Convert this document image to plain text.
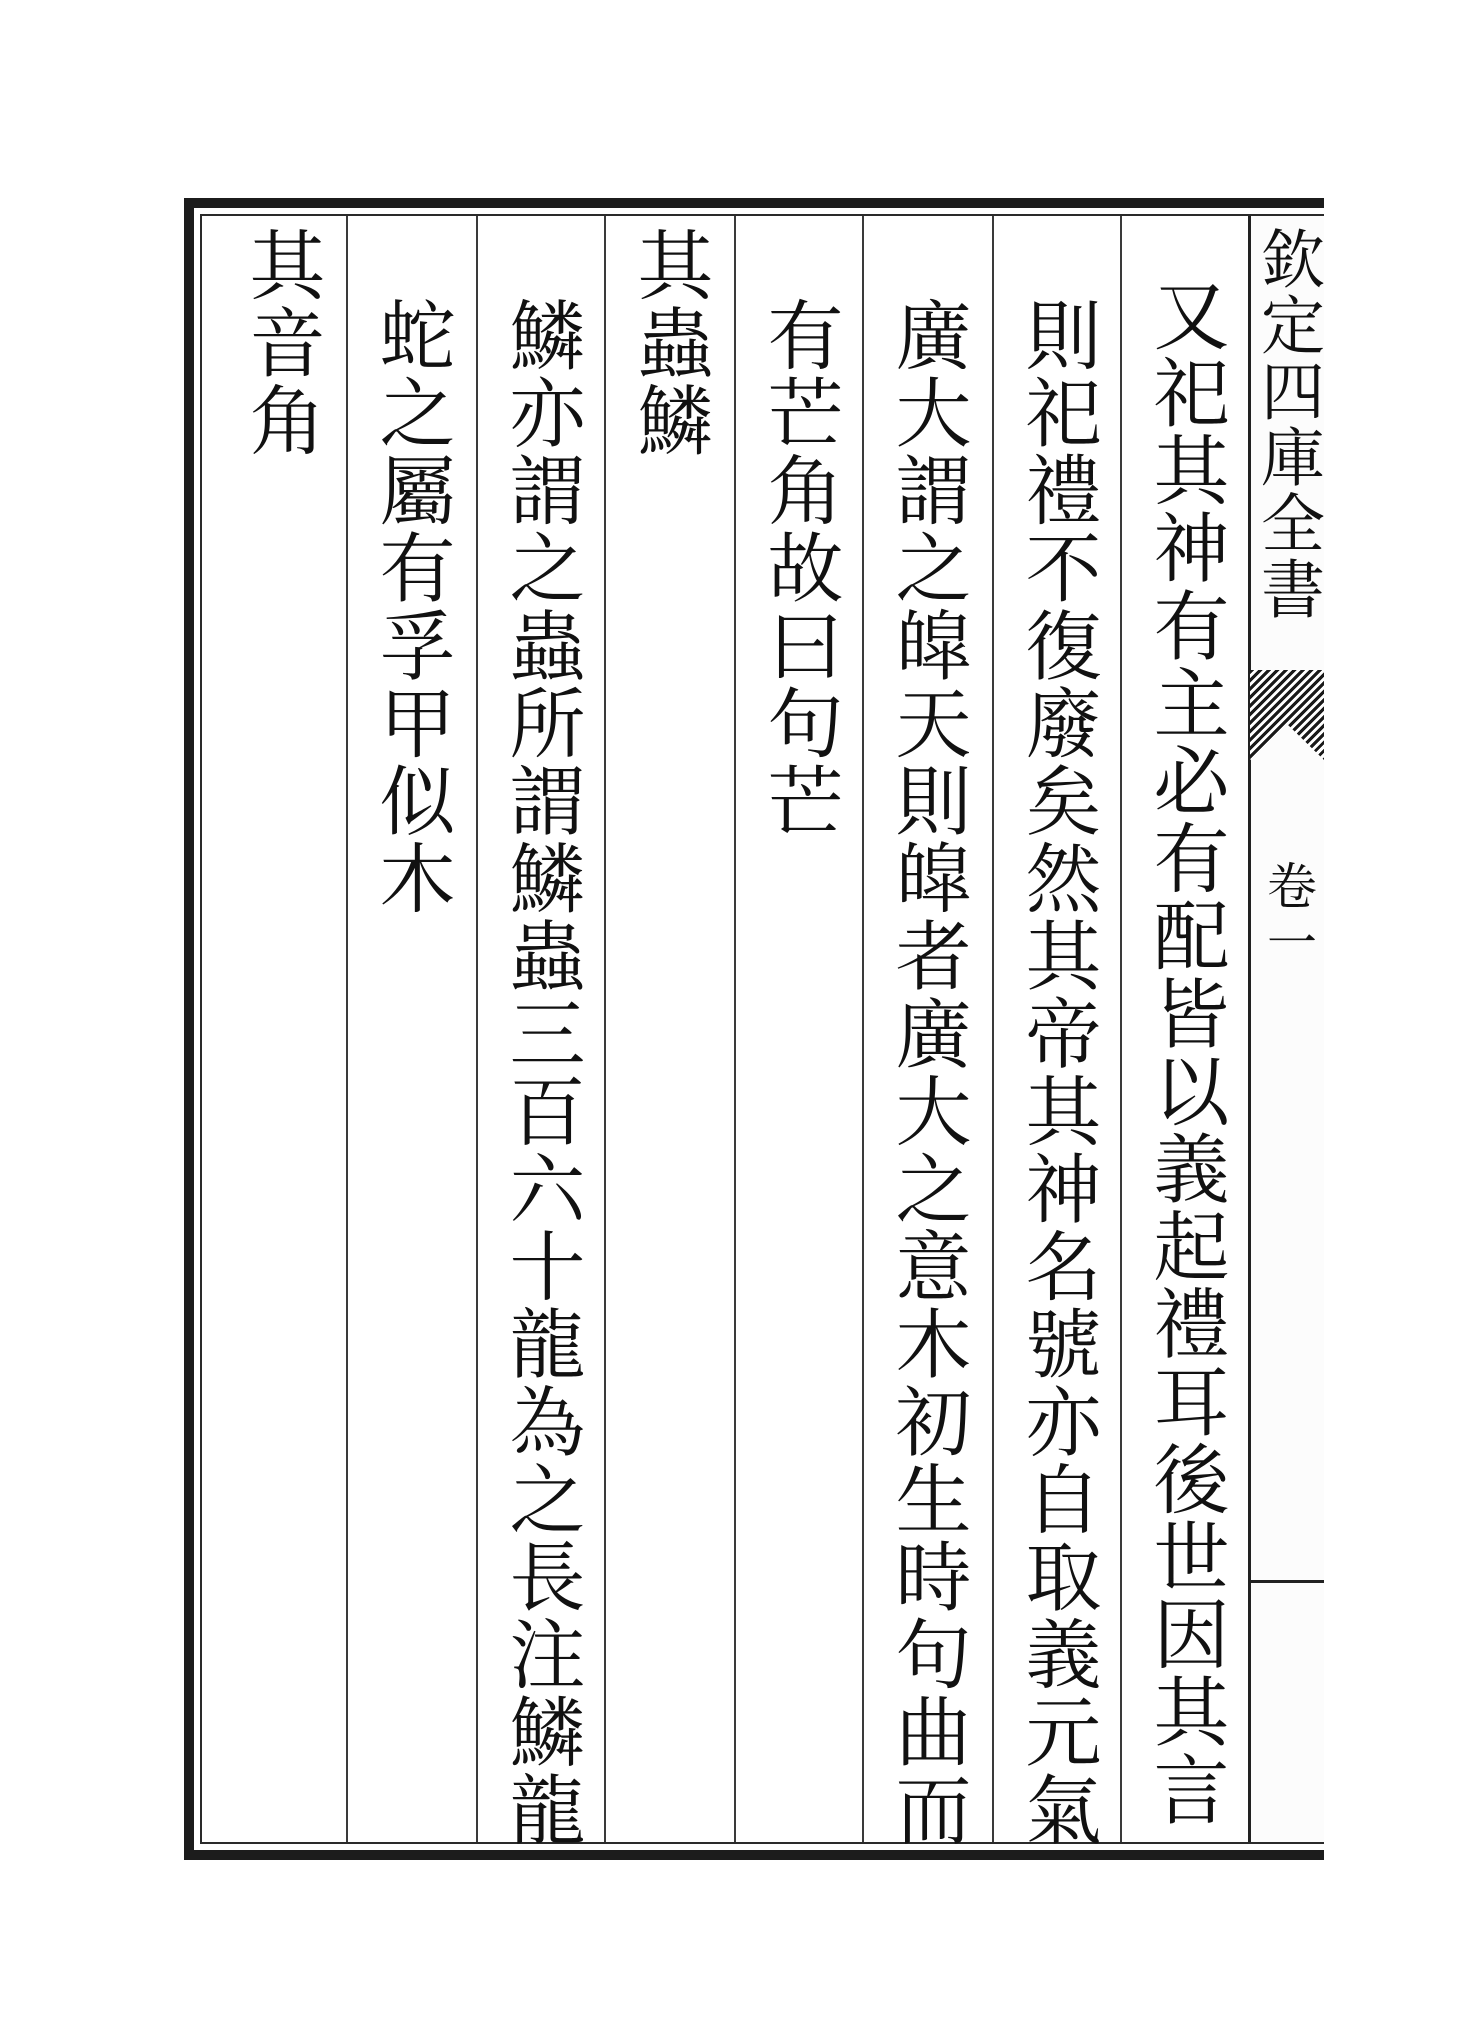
欽定四庫全書
卷一
又祀其神有主必有配皆以義起禮耳後世因其言
則祀禮不復廢矣然其帝其神名號亦自取義元氣
廣大謂之皡天則皡者廣大之意木初生時句曲而
有芒角故曰句芒
其蟲鱗
鱗亦謂之蟲所謂鱗蟲三百六十龍為之長注鱗龍
蛇之屬有孚甲似木
其音角
